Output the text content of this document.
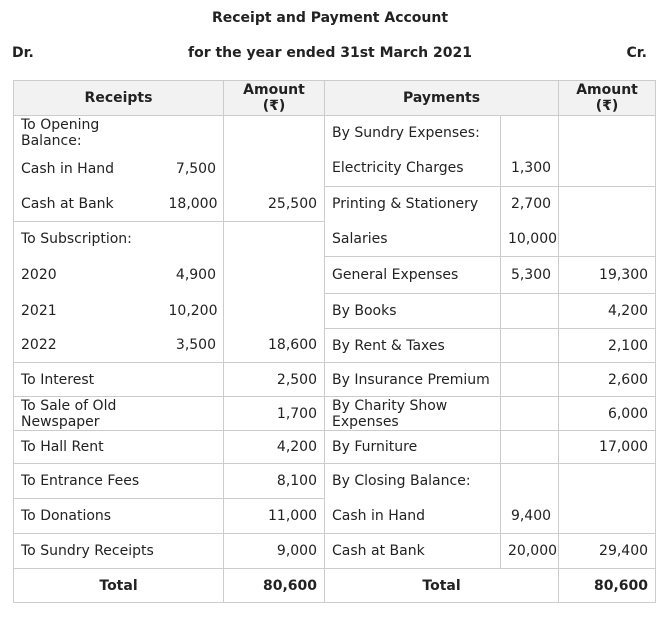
Receipt and Payment Account
Dr.	for the year ended 31st March 2021	Cr.
Receipts		Amount (₹)	Payments		Amount (₹)
To Opening Balance:			By Sundry Expenses:		
Cash in Hand	7,500		Electricity Charges	1,300	
Cash at Bank	18,000	25,500	Printing & Stationery	2,700	
To Subscription:			Salaries	10,000	
2020	4,900		General Expenses	5,300	19,300
2021	10,200		By Books		4,200
2022	3,500	18,600	By Rent & Taxes		2,100
To Interest		2,500	By Insurance Premium		2,600
To Sale of Old Newspaper		1,700	By Charity Show Expenses		6,000
To Hall Rent		4,200	By Furniture		17,000
To Entrance Fees		8,100	By Closing Balance:		
To Donations		11,000	Cash in Hand	9,400	
To Sundry Receipts		9,000	Cash at Bank	20,000	29,400
Total		80,600	Total		80,600
